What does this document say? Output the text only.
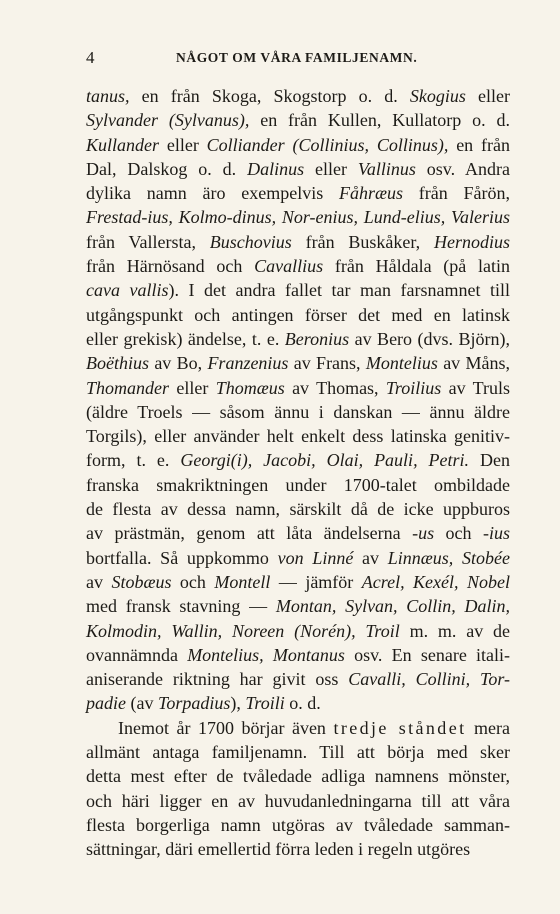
4	NÅGOT OM VÅRA FAMILJENAMN.
tanus, en från Skoga, Skogstorp o. d. Skogius eller
Sylvander (Sylvanus), en från Kullen, Kullatorp o. d.
Kullander eller Colliander (Collinius, Collinus), en från
Dal, Dalskog o. d. Dalinus eller Vallinus osv. Andra
dylika namn äro exempelvis Fåhræus från Fårön,
Frestad-ius, Kolmo-dinus, Nor-enius, Lund-elius, Valerius
från Vallersta, Buschovius från Buskåker, Hernodius
från Härnösand och Cavallius från Håldala (på latin
cava vallis). I det andra fallet tar man farsnamnet till
utgångspunkt och antingen förser det med en latinsk
eller grekisk) ändelse, t. e. Beronius av Bero (dvs. Björn),
Boëthius av Bo, Franzenius av Frans, Montelius av Måns,
Thomander eller Thomæus av Thomas, Troilius av Truls
(äldre Troels — såsom ännu i danskan — ännu äldre
Torgils), eller använder helt enkelt dess latinska genitiv-
form, t. e. Georgi(i), Jacobi, Olai, Pauli, Petri. Den
franska smakriktningen under 1700-talet ombildade
de flesta av dessa namn, särskilt då de icke uppburos
av prästmän, genom att låta ändelserna -us och -ius
bortfalla. Så uppkommo von Linné av Linnæus, Stobée
av Stobæus och Montell — jämför Acrel, Kexél, Nobel
med fransk stavning — Montan, Sylvan, Collin, Dalin,
Kolmodin, Wallin, Noreen (Norén), Troil m. m. av de
ovannämnda Montelius, Montanus osv. En senare itali-
aniserande riktning har givit oss Cavalli, Collini, Tor-
padie (av Torpadius), Troili o. d.
Inemot år 1700 börjar även tredje ståndet mera
allmänt antaga familjenamn. Till att börja med sker
detta mest efter de tvåledade adliga namnens mönster,
och häri ligger en av huvudanledningarna till att våra
flesta borgerliga namn utgöras av tvåledade samman-
sättningar, däri emellertid förra leden i regeln utgöres
